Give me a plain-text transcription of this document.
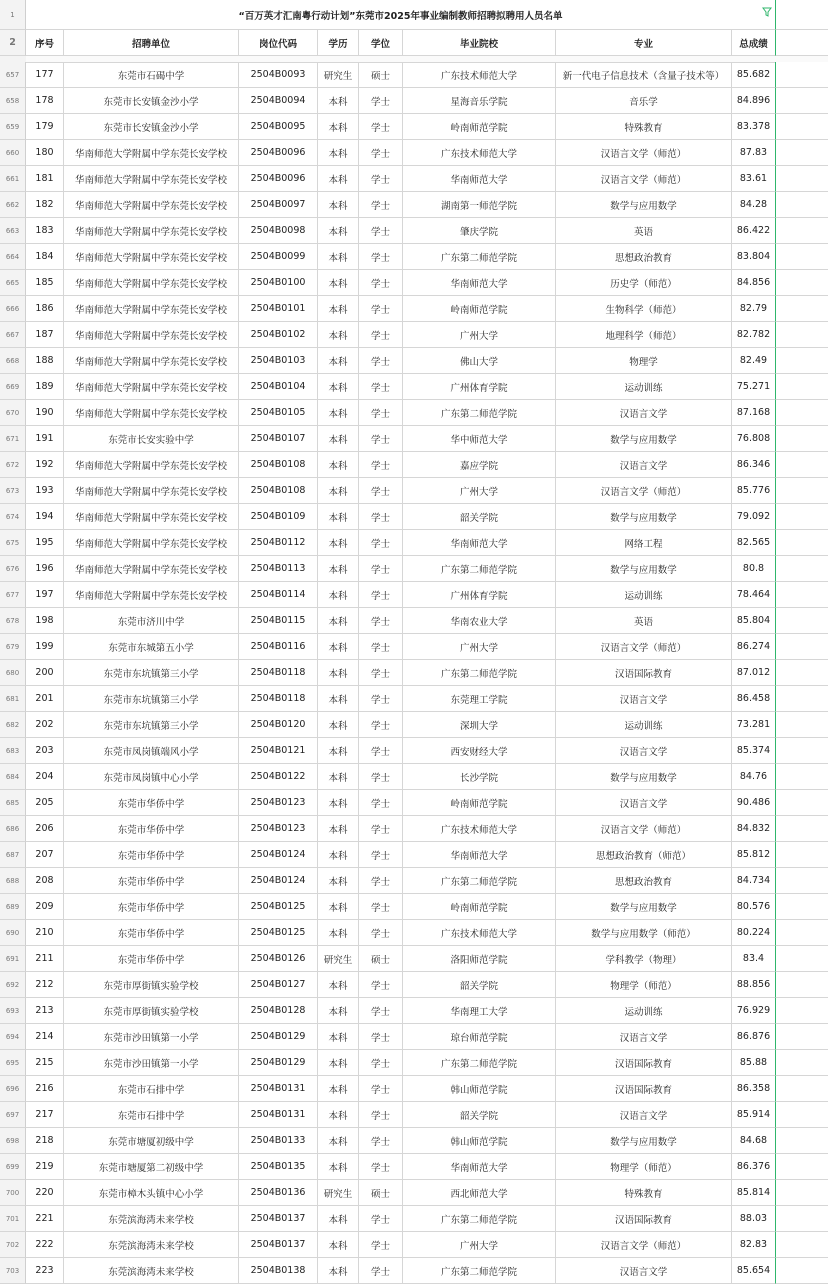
1	“百万英才汇南粤行动计划”东莞市2025年事业编制教师招聘拟聘用人员名单
2	序号	招聘单位	岗位代码	学历	学位	毕业院校	专业	总成绩
657	177	东莞市石碣中学	2504B0093	研究生	硕士	广东技术师范大学	新一代电子信息技术（含量子技术等）	85.682
658	178	东莞市长安镇金沙小学	2504B0094	本科	学士	星海音乐学院	音乐学	84.896
659	179	东莞市长安镇金沙小学	2504B0095	本科	学士	岭南师范学院	特殊教育	83.378
660	180	华南师范大学附属中学东莞长安学校	2504B0096	本科	学士	广东技术师范大学	汉语言文学（师范）	87.83
661	181	华南师范大学附属中学东莞长安学校	2504B0096	本科	学士	华南师范大学	汉语言文学（师范）	83.61
662	182	华南师范大学附属中学东莞长安学校	2504B0097	本科	学士	湖南第一师范学院	数学与应用数学	84.28
663	183	华南师范大学附属中学东莞长安学校	2504B0098	本科	学士	肇庆学院	英语	86.422
664	184	华南师范大学附属中学东莞长安学校	2504B0099	本科	学士	广东第二师范学院	思想政治教育	83.804
665	185	华南师范大学附属中学东莞长安学校	2504B0100	本科	学士	华南师范大学	历史学（师范）	84.856
666	186	华南师范大学附属中学东莞长安学校	2504B0101	本科	学士	岭南师范学院	生物科学（师范）	82.79
667	187	华南师范大学附属中学东莞长安学校	2504B0102	本科	学士	广州大学	地理科学（师范）	82.782
668	188	华南师范大学附属中学东莞长安学校	2504B0103	本科	学士	佛山大学	物理学	82.49
669	189	华南师范大学附属中学东莞长安学校	2504B0104	本科	学士	广州体育学院	运动训练	75.271
670	190	华南师范大学附属中学东莞长安学校	2504B0105	本科	学士	广东第二师范学院	汉语言文学	87.168
671	191	东莞市长安实验中学	2504B0107	本科	学士	华中师范大学	数学与应用数学	76.808
672	192	华南师范大学附属中学东莞长安学校	2504B0108	本科	学士	嘉应学院	汉语言文学	86.346
673	193	华南师范大学附属中学东莞长安学校	2504B0108	本科	学士	广州大学	汉语言文学（师范）	85.776
674	194	华南师范大学附属中学东莞长安学校	2504B0109	本科	学士	韶关学院	数学与应用数学	79.092
675	195	华南师范大学附属中学东莞长安学校	2504B0112	本科	学士	华南师范大学	网络工程	82.565
676	196	华南师范大学附属中学东莞长安学校	2504B0113	本科	学士	广东第二师范学院	数学与应用数学	80.8
677	197	华南师范大学附属中学东莞长安学校	2504B0114	本科	学士	广州体育学院	运动训练	78.464
678	198	东莞市济川中学	2504B0115	本科	学士	华南农业大学	英语	85.804
679	199	东莞市东城第五小学	2504B0116	本科	学士	广州大学	汉语言文学（师范）	86.274
680	200	东莞市东坑镇第三小学	2504B0118	本科	学士	广东第二师范学院	汉语国际教育	87.012
681	201	东莞市东坑镇第三小学	2504B0118	本科	学士	东莞理工学院	汉语言文学	86.458
682	202	东莞市东坑镇第三小学	2504B0120	本科	学士	深圳大学	运动训练	73.281
683	203	东莞市凤岗镇端风小学	2504B0121	本科	学士	西安财经大学	汉语言文学	85.374
684	204	东莞市凤岗镇中心小学	2504B0122	本科	学士	长沙学院	数学与应用数学	84.76
685	205	东莞市华侨中学	2504B0123	本科	学士	岭南师范学院	汉语言文学	90.486
686	206	东莞市华侨中学	2504B0123	本科	学士	广东技术师范大学	汉语言文学（师范）	84.832
687	207	东莞市华侨中学	2504B0124	本科	学士	华南师范大学	思想政治教育（师范）	85.812
688	208	东莞市华侨中学	2504B0124	本科	学士	广东第二师范学院	思想政治教育	84.734
689	209	东莞市华侨中学	2504B0125	本科	学士	岭南师范学院	数学与应用数学	80.576
690	210	东莞市华侨中学	2504B0125	本科	学士	广东技术师范大学	数学与应用数学（师范）	80.224
691	211	东莞市华侨中学	2504B0126	研究生	硕士	洛阳师范学院	学科教学（物理）	83.4
692	212	东莞市厚街镇实验学校	2504B0127	本科	学士	韶关学院	物理学（师范）	88.856
693	213	东莞市厚街镇实验学校	2504B0128	本科	学士	华南理工大学	运动训练	76.929
694	214	东莞市沙田镇第一小学	2504B0129	本科	学士	琼台师范学院	汉语言文学	86.876
695	215	东莞市沙田镇第一小学	2504B0129	本科	学士	广东第二师范学院	汉语国际教育	85.88
696	216	东莞市石排中学	2504B0131	本科	学士	韩山师范学院	汉语国际教育	86.358
697	217	东莞市石排中学	2504B0131	本科	学士	韶关学院	汉语言文学	85.914
698	218	东莞市塘厦初级中学	2504B0133	本科	学士	韩山师范学院	数学与应用数学	84.68
699	219	东莞市塘厦第二初级中学	2504B0135	本科	学士	华南师范大学	物理学（师范）	86.376
700	220	东莞市樟木头镇中心小学	2504B0136	研究生	硕士	西北师范大学	特殊教育	85.814
701	221	东莞滨海湾未来学校	2504B0137	本科	学士	广东第二师范学院	汉语国际教育	88.03
702	222	东莞滨海湾未来学校	2504B0137	本科	学士	广州大学	汉语言文学（师范）	82.83
703	223	东莞滨海湾未来学校	2504B0138	本科	学士	广东第二师范学院	汉语言文学	85.654
